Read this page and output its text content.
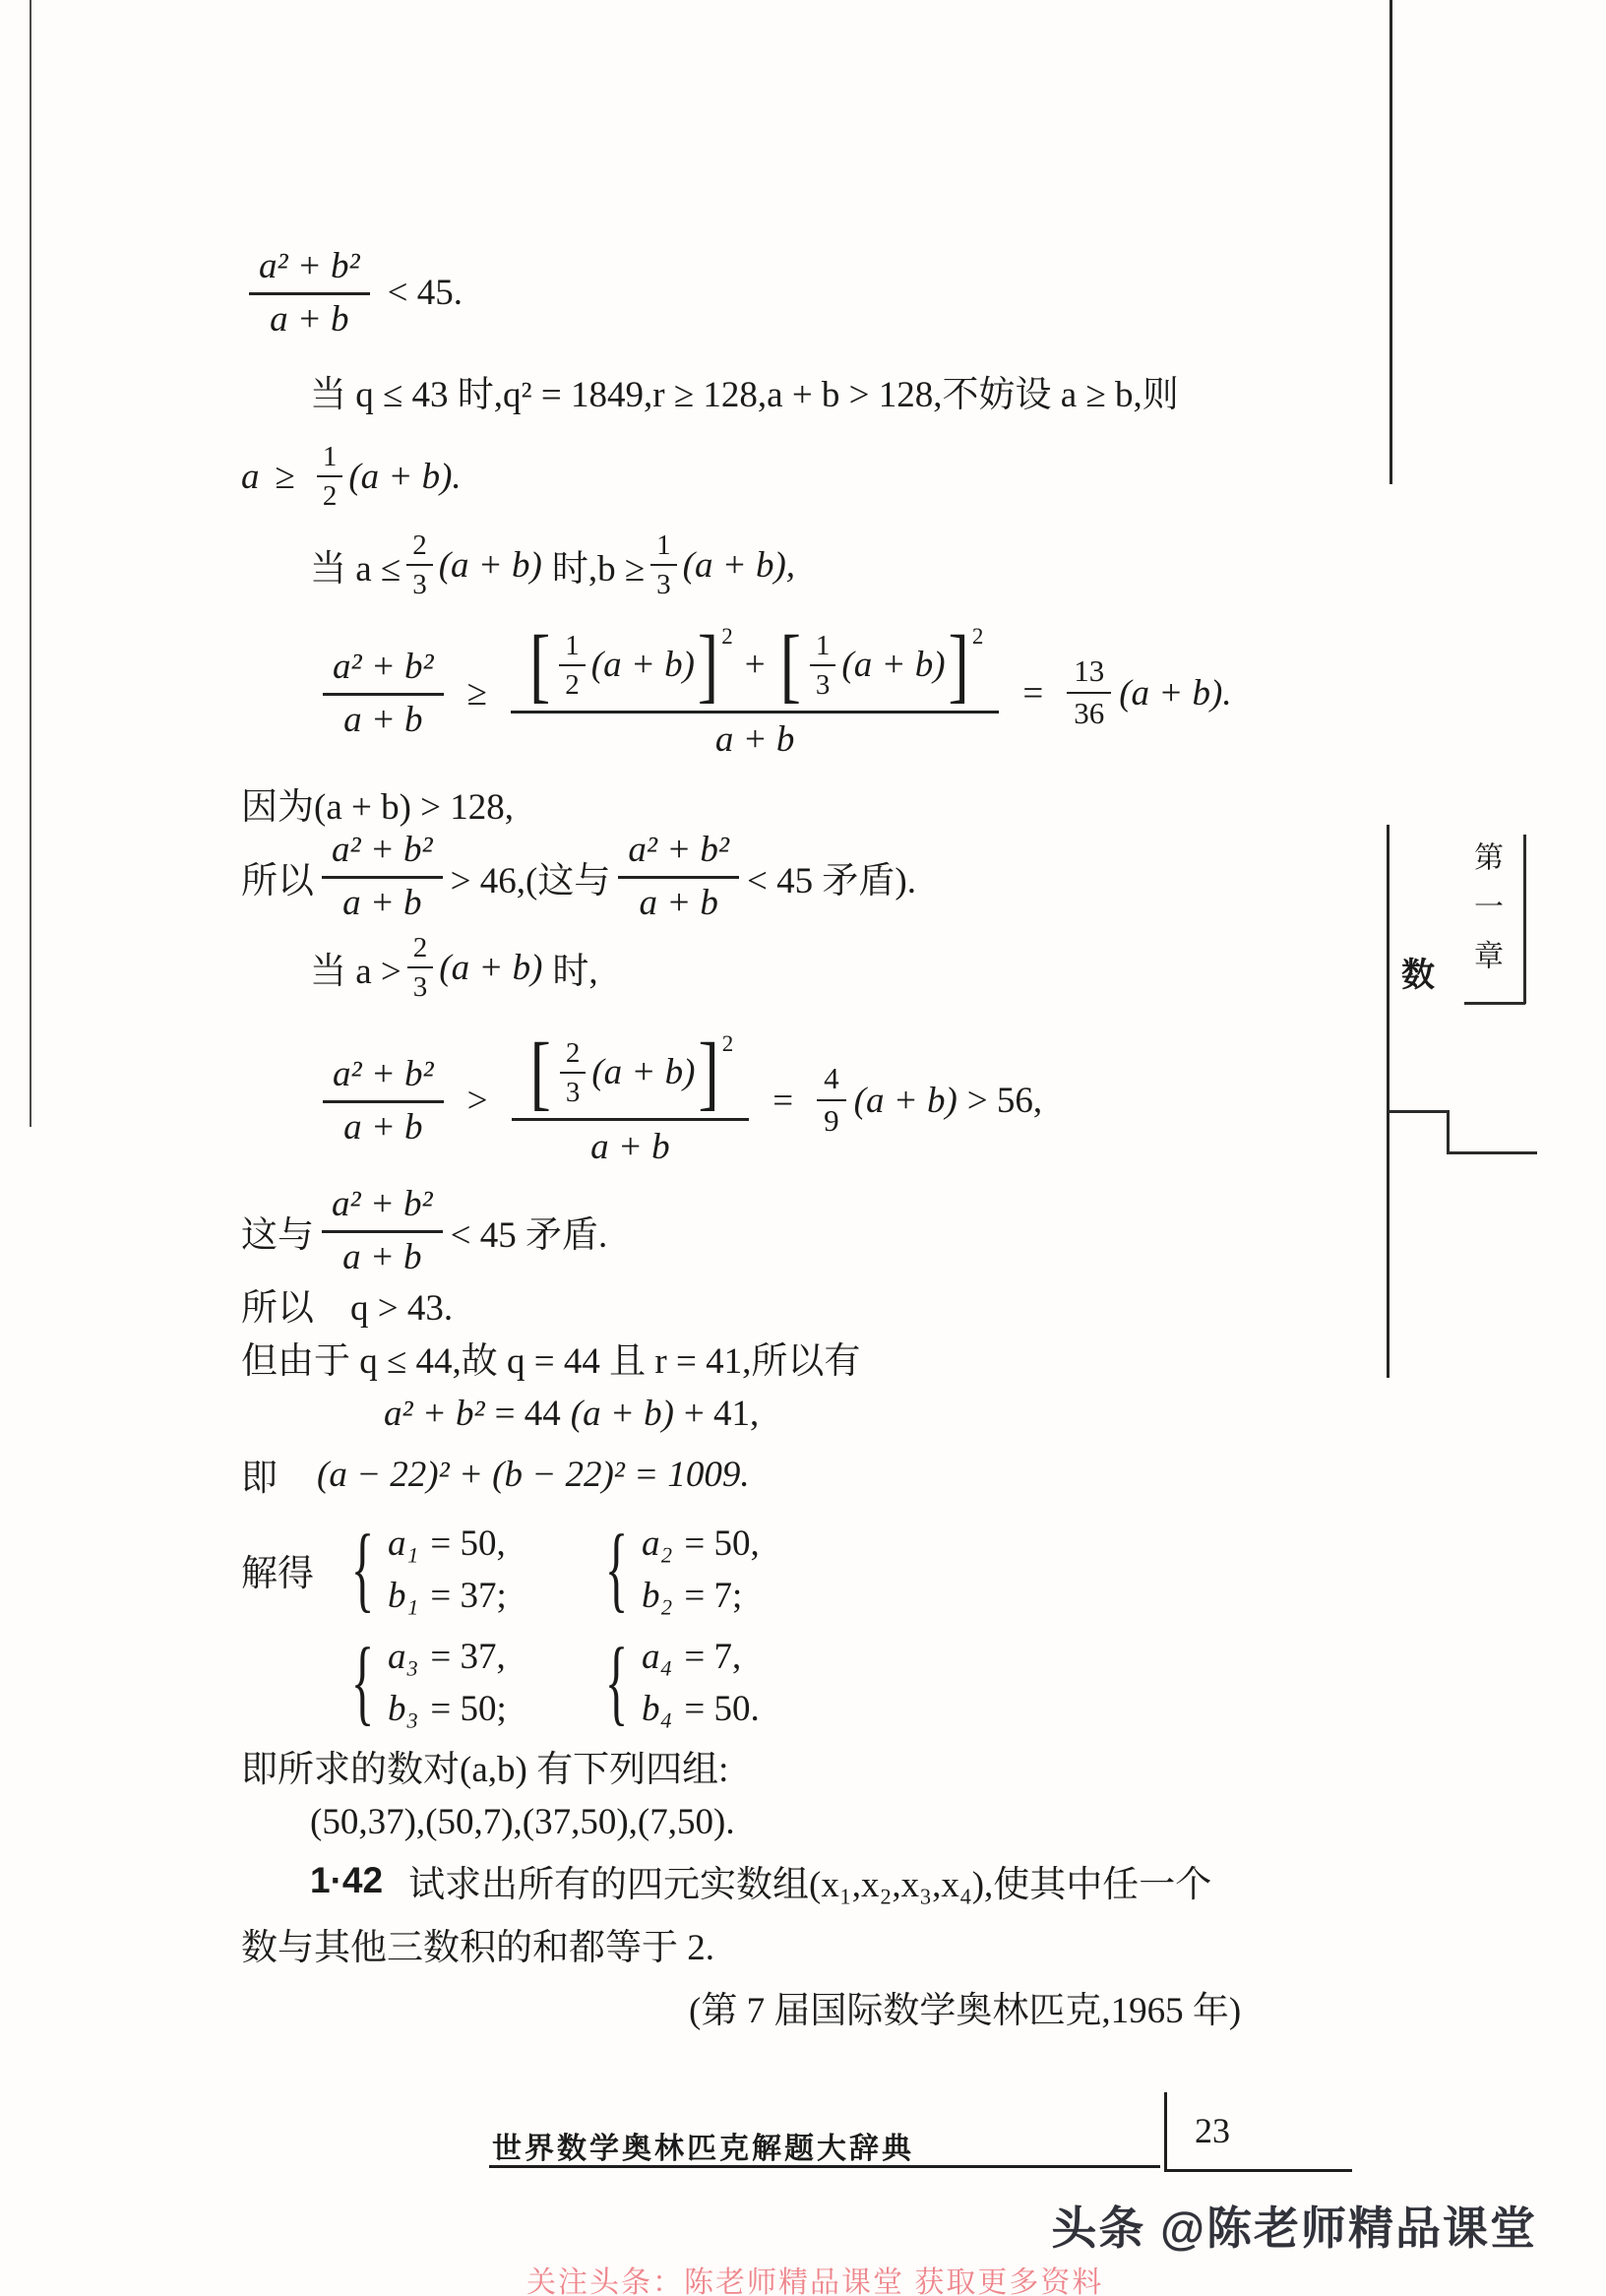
$\frac{\text{a² + b²}}{a + b} < 45$.
当 q ≤ 43 时,q² = 1849,r ≥ 128,a + b > 128,不妨设 a ≥ b,则
$a \ge \frac{1}{2} (a + b)$.
当 $a \le \frac{2}{3} (a + b)$ 时$,b \ge \frac{1}{3} (a + b)$,
$\frac{\text{a² + b²}}{a + b}$ ≥ [ $\frac{1}{2} (a + b)$ ] 2
+ [ $\frac{1}{3} (a + b)$ ] 2
a + b
= $\frac{13}{36} (a + b)$.
因为(a + b) > 128,
所以 $\frac{\text{a² + b²}}{a + b} > 46$,(这与 $\frac{\text{a² + b²}}{a + b} < 45$ 矛盾).
当 $a > \frac{2}{3} (a + b)$ 时,
$\frac{\text{a² + b²}}{a + b}$ > [ $\frac{2}{3} (a + b)$ ] 2
a + b
= $\frac{4}{9} (a + b) > 56$,
这与 $\frac{\text{a² + b²}}{a + b} < 45$ 矛盾.
所以　q > 43.
但由于 q ≤ 44,故 q = 44 且 r = 41,所以有
a² + b² = 44 (a + b) + 41,
即 (a − 22)² + (b − 22)² = 1009.
解得 { a₁ = 50,
b₁ = 37; { a₂ = 50,
b₂ = 7;
{ a₃ = 37,
b₃ = 50; { a₄ = 7,
b₄ = 50.
即所求的数对(a,b) 有下列四组:
(50,37),(50,7),(37,50),(7,50).
1·42 试求出所有的四元实数组(x₁,x₂,x₃,x₄),使其中任一个
数与其他三数积的和都等于 2.
(第 7 届国际数学奥林匹克,1965 年)
第一章
数
世界数学奥林匹克解题大辞典	23
头条 @陈老师精品课堂
关注头条：陈老师精品课堂 获取更多资料
